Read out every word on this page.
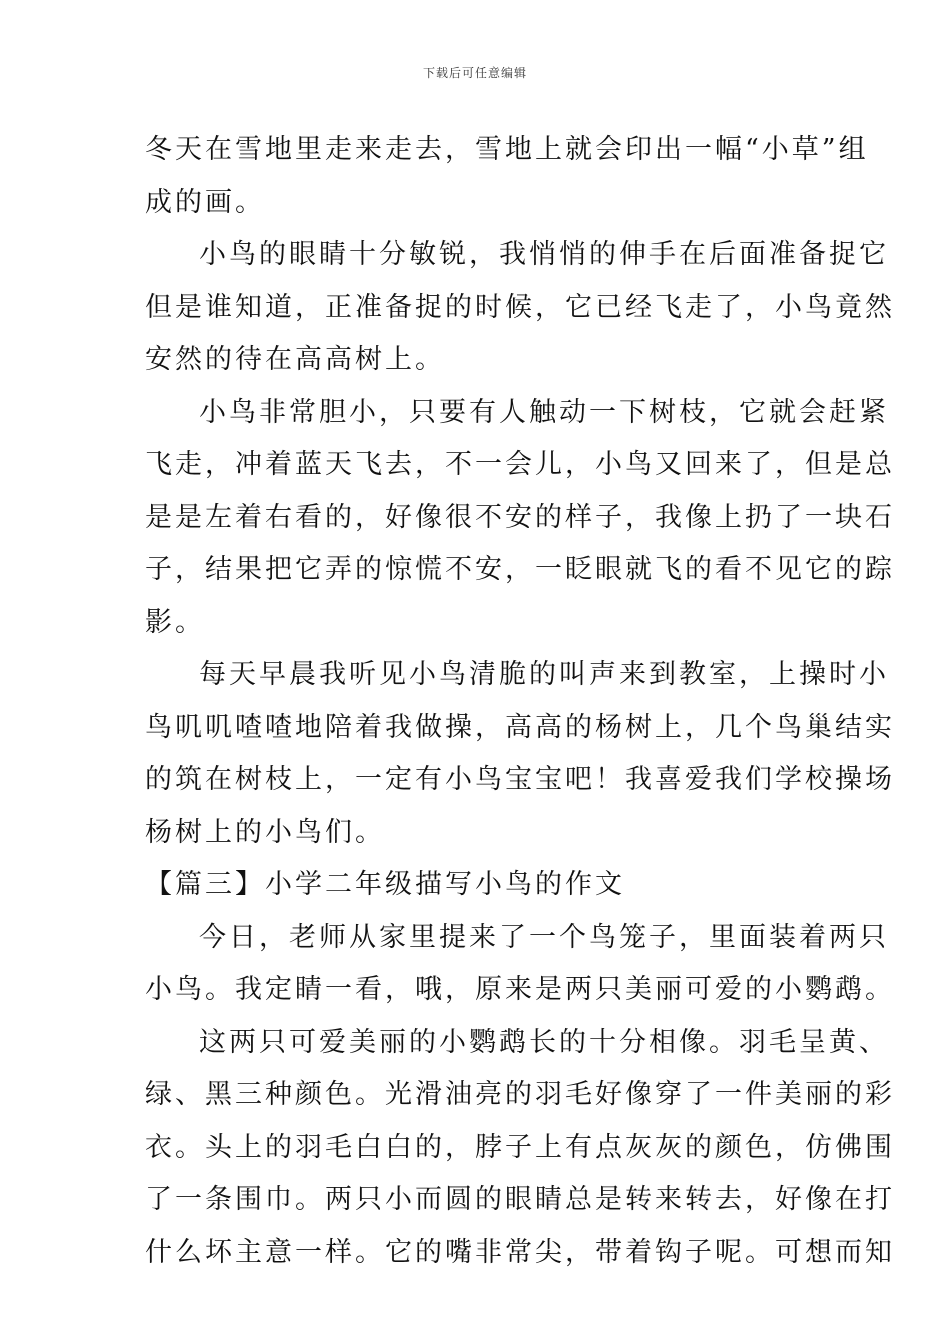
下载后可任意编辑
冬天在雪地里走来走去，雪地上就会印出一幅“小草”组
成的画。
小鸟的眼睛十分敏锐，我悄悄的伸手在后面准备捉它
但是谁知道，正准备捉的时候，它已经飞走了，小鸟竟然
安然的待在高高树上。
小鸟非常胆小，只要有人触动一下树枝，它就会赶紧
飞走，冲着蓝天飞去，不一会儿，小鸟又回来了，但是总
是是左着右看的，好像很不安的样子，我像上扔了一块石
子，结果把它弄的惊慌不安，一眨眼就飞的看不见它的踪
影。
每天早晨我听见小鸟清脆的叫声来到教室，上操时小
鸟叽叽喳喳地陪着我做操，高高的杨树上，几个鸟巢结实
的筑在树枝上，一定有小鸟宝宝吧！我喜爱我们学校操场
杨树上的小鸟们。
【篇三】小学二年级描写小鸟的作文
今日，老师从家里提来了一个鸟笼子，里面装着两只
小鸟。我定睛一看，哦，原来是两只美丽可爱的小鹦鹉。
这两只可爱美丽的小鹦鹉长的十分相像。羽毛呈黄、
绿、黑三种颜色。光滑油亮的羽毛好像穿了一件美丽的彩
衣。头上的羽毛白白的，脖子上有点灰灰的颜色，仿佛围
了一条围巾。两只小而圆的眼睛总是转来转去，好像在打
什么坏主意一样。它的嘴非常尖，带着钩子呢。可想而知
